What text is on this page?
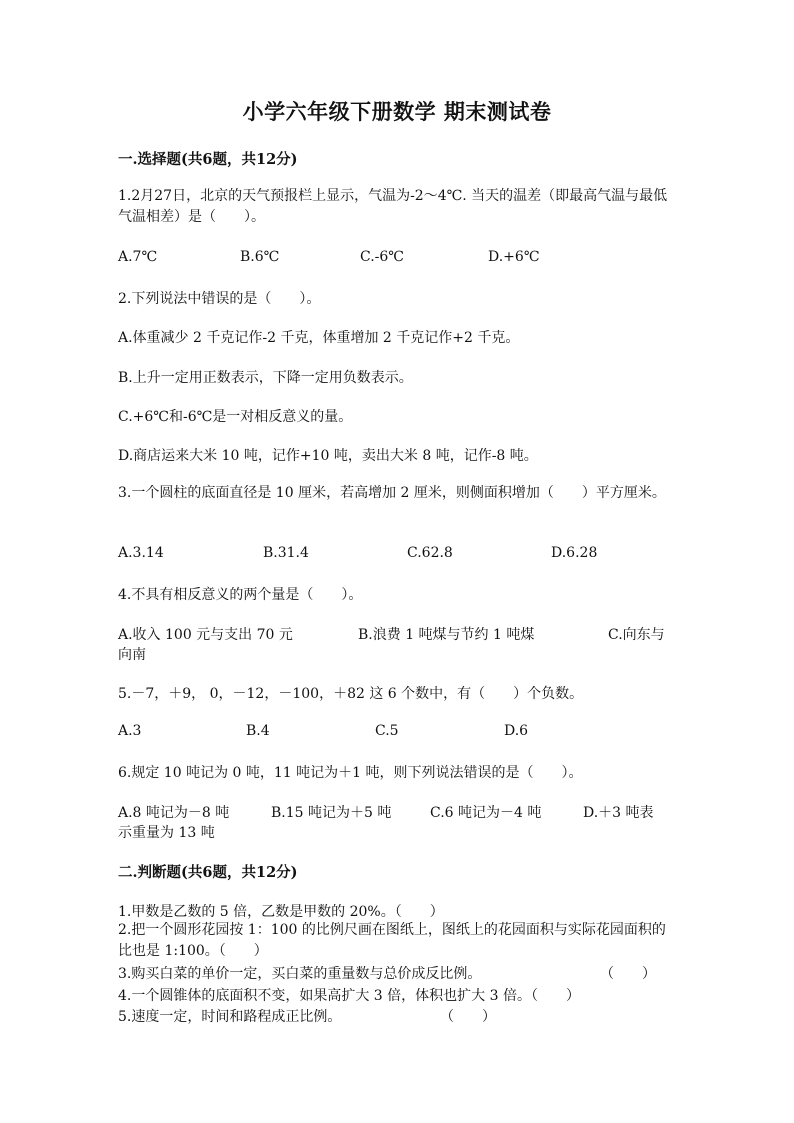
小学六年级下册数学 期末测试卷
一.选择题(共6题，共12分)
1.2月27日，北京的天气预报栏上显示，气温为-2～4℃. 当天的温差（即最高气温与最低气温相差）是（　　）。
A.7℃	B.6℃	C.-6℃	D.+6℃
2.下列说法中错误的是（　　）。
A.体重减少 2 千克记作-2 千克，体重增加 2 千克记作+2 千克。
B.上升一定用正数表示，下降一定用负数表示。
C.+6℃和-6℃是一对相反意义的量。
D.商店运来大米 10 吨，记作+10 吨，卖出大米 8 吨，记作-8 吨。
3.一个圆柱的底面直径是 10 厘米，若高增加 2 厘米，则侧面积增加（　　）平方厘米。
A.3.14	B.31.4	C.62.8	D.6.28
4.不具有相反意义的两个量是（　　）。
A.收入 100 元与支出 70 元	B.浪费 1 吨煤与节约 1 吨煤	C.向东与
向南
5.－7，＋9， 0，－12，－100，＋82 这 6 个数中，有（　　）个负数。
A.3	B.4	C.5	D.6
6.规定 10 吨记为 0 吨，11 吨记为＋1 吨，则下列说法错误的是（　　）。
A.8 吨记为－8 吨	B.15 吨记为＋5 吨	C.6 吨记为－4 吨	D.＋3 吨表
示重量为 13 吨
二.判断题(共6题，共12分)
1.甲数是乙数的 5 倍，乙数是甲数的 20%。（　　）
2.把一个圆形花园按 1：100 的比例尺画在图纸上，图纸上的花园面积与实际花园面积的比也是 1:100。（　　）
3.购买白菜的单价一定，买白菜的重量数与总价成反比例。	（　　）
4.一个圆锥体的底面积不变，如果高扩大 3 倍，体积也扩大 3 倍。（　　）
5.速度一定，时间和路程成正比例。	（　　）
